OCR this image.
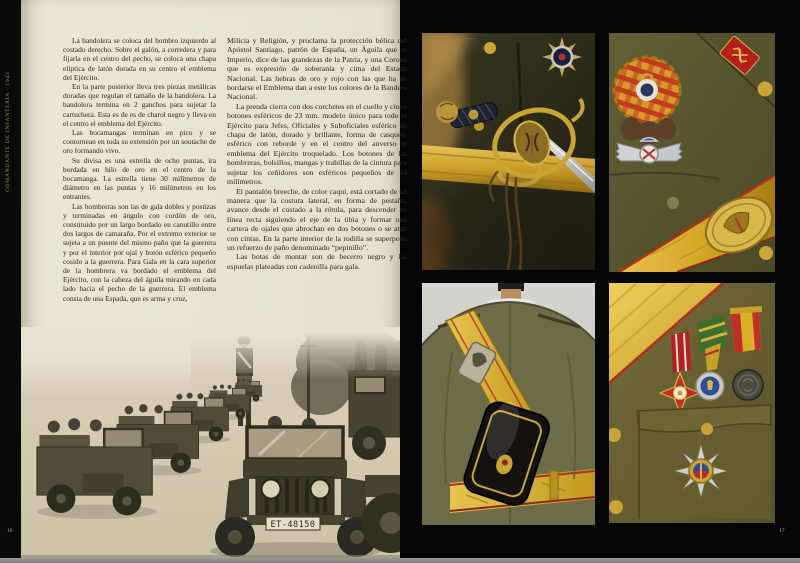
COMANDANTE DE INFANTERÍA · 1943
16

La bandolera se coloca del hombro izquierdo al costado derecho. Sobre el galón, a corredera y para fijarla en el centro del pecho, se coloca una chapa elíptica de latón dorada en su centro el emblema del Ejército.

En la parte posterior lleva tres piezas metálicas doradas que regulan el tamaño de la bandolera. La bandolera termina en 2 ganchos para sujetar la cartuchera. Esta es de es de charol negro y lleva en el centro el emblema del Ejército.

Las bocamangas terminan en pico y se contornean en toda su extensión por un soutache de oro formando vivo.

Su divisa es una estrella de ocho puntas, ira bordada en hilo de oro en el centro de la bocamanga. La estrella tiene 30 milímetros de diámetro en las puntas y 16 milímetros en los entrantes.

Las hombreras son las de gala dobles y postizas y terminadas en ángulo con cordón de oro, constituido por un largo bordado en canutillo entre dos largos de camaraña. Por el extremo exterior se sujeta a un puente del mismo paño que la guerrera y por el interior por ojal y botón esférico pequeño cosido a la guerrera. Para Gala en la cara superior de la hombrera va bordado el emblema del Ejército, con la cabeza del águila mirando en cada lado hacia el pecho de la guerrera. El emblema consta de una Espada, que es arma y cruz,

Milicia y Religión, y proclama la protección bélica del Apóstol Santiago, patrón de España, un Águila que es Imperio, dice de las grandezas de la Patria, y una Corona que es expresión de soberanía y cima del Estado Nacional. Las hebras de oro y rojo con las que ha de bordarse el Emblema dan a este los colores de la Bandera Nacional.

La prenda cierra con dos corchetes en el cuello y cinco botones esféricos de 23 mm. modelo único para todo el Ejército para Jefes, Oficiales y Suboficiales esférico de chapa de latón, dorado y brillante, forma de casquete esférico con reborde y en el centro del anverso el emblema del Ejército troquelado. Los botones de las hombreras, bolsillos, mangas y trabillas de la cintura para sujetar los ceñidores son esféricos pequeños de 14 milímetros.

El pantalón breeche, de color caqui, está cortado de tal manera que la costura lateral, en forma de pestaña, avance desde el costado a la rótula, para descender en línea recta siguiendo el eje de la tibia y formar una cartera de ojales que abrochan en dos botones o se atan con cintas. En la parte interior de la rodilla se superpone un refuerzo de paño denominado “pepinillo”.

Las botas de montar son de becerro negro y las espuelas plateadas con cadenilla para gala.

ET-48150
17
